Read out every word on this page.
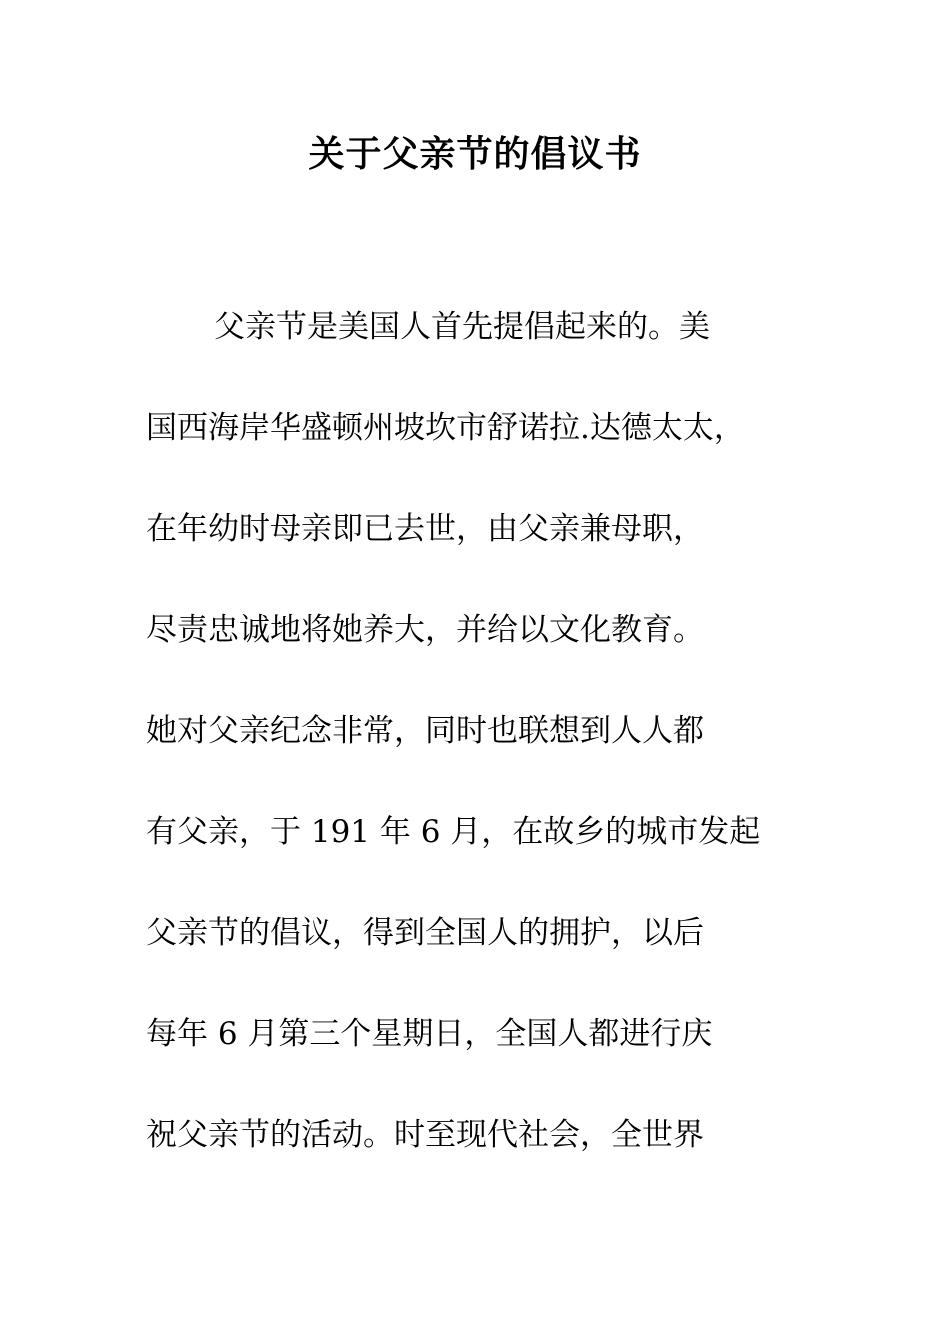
关于父亲节的倡议书
父亲节是美国人首先提倡起来的。美
国西海岸华盛顿州坡坎市舒诺拉.达德太太，
在年幼时母亲即已去世，由父亲兼母职，
尽责忠诚地将她养大，并给以文化教育。
她对父亲纪念非常，同时也联想到人人都
有父亲，于 191 年 6 月，在故乡的城市发起
父亲节的倡议，得到全国人的拥护，以后
每年 6 月第三个星期日，全国人都进行庆
祝父亲节的活动。时至现代社会，全世界
